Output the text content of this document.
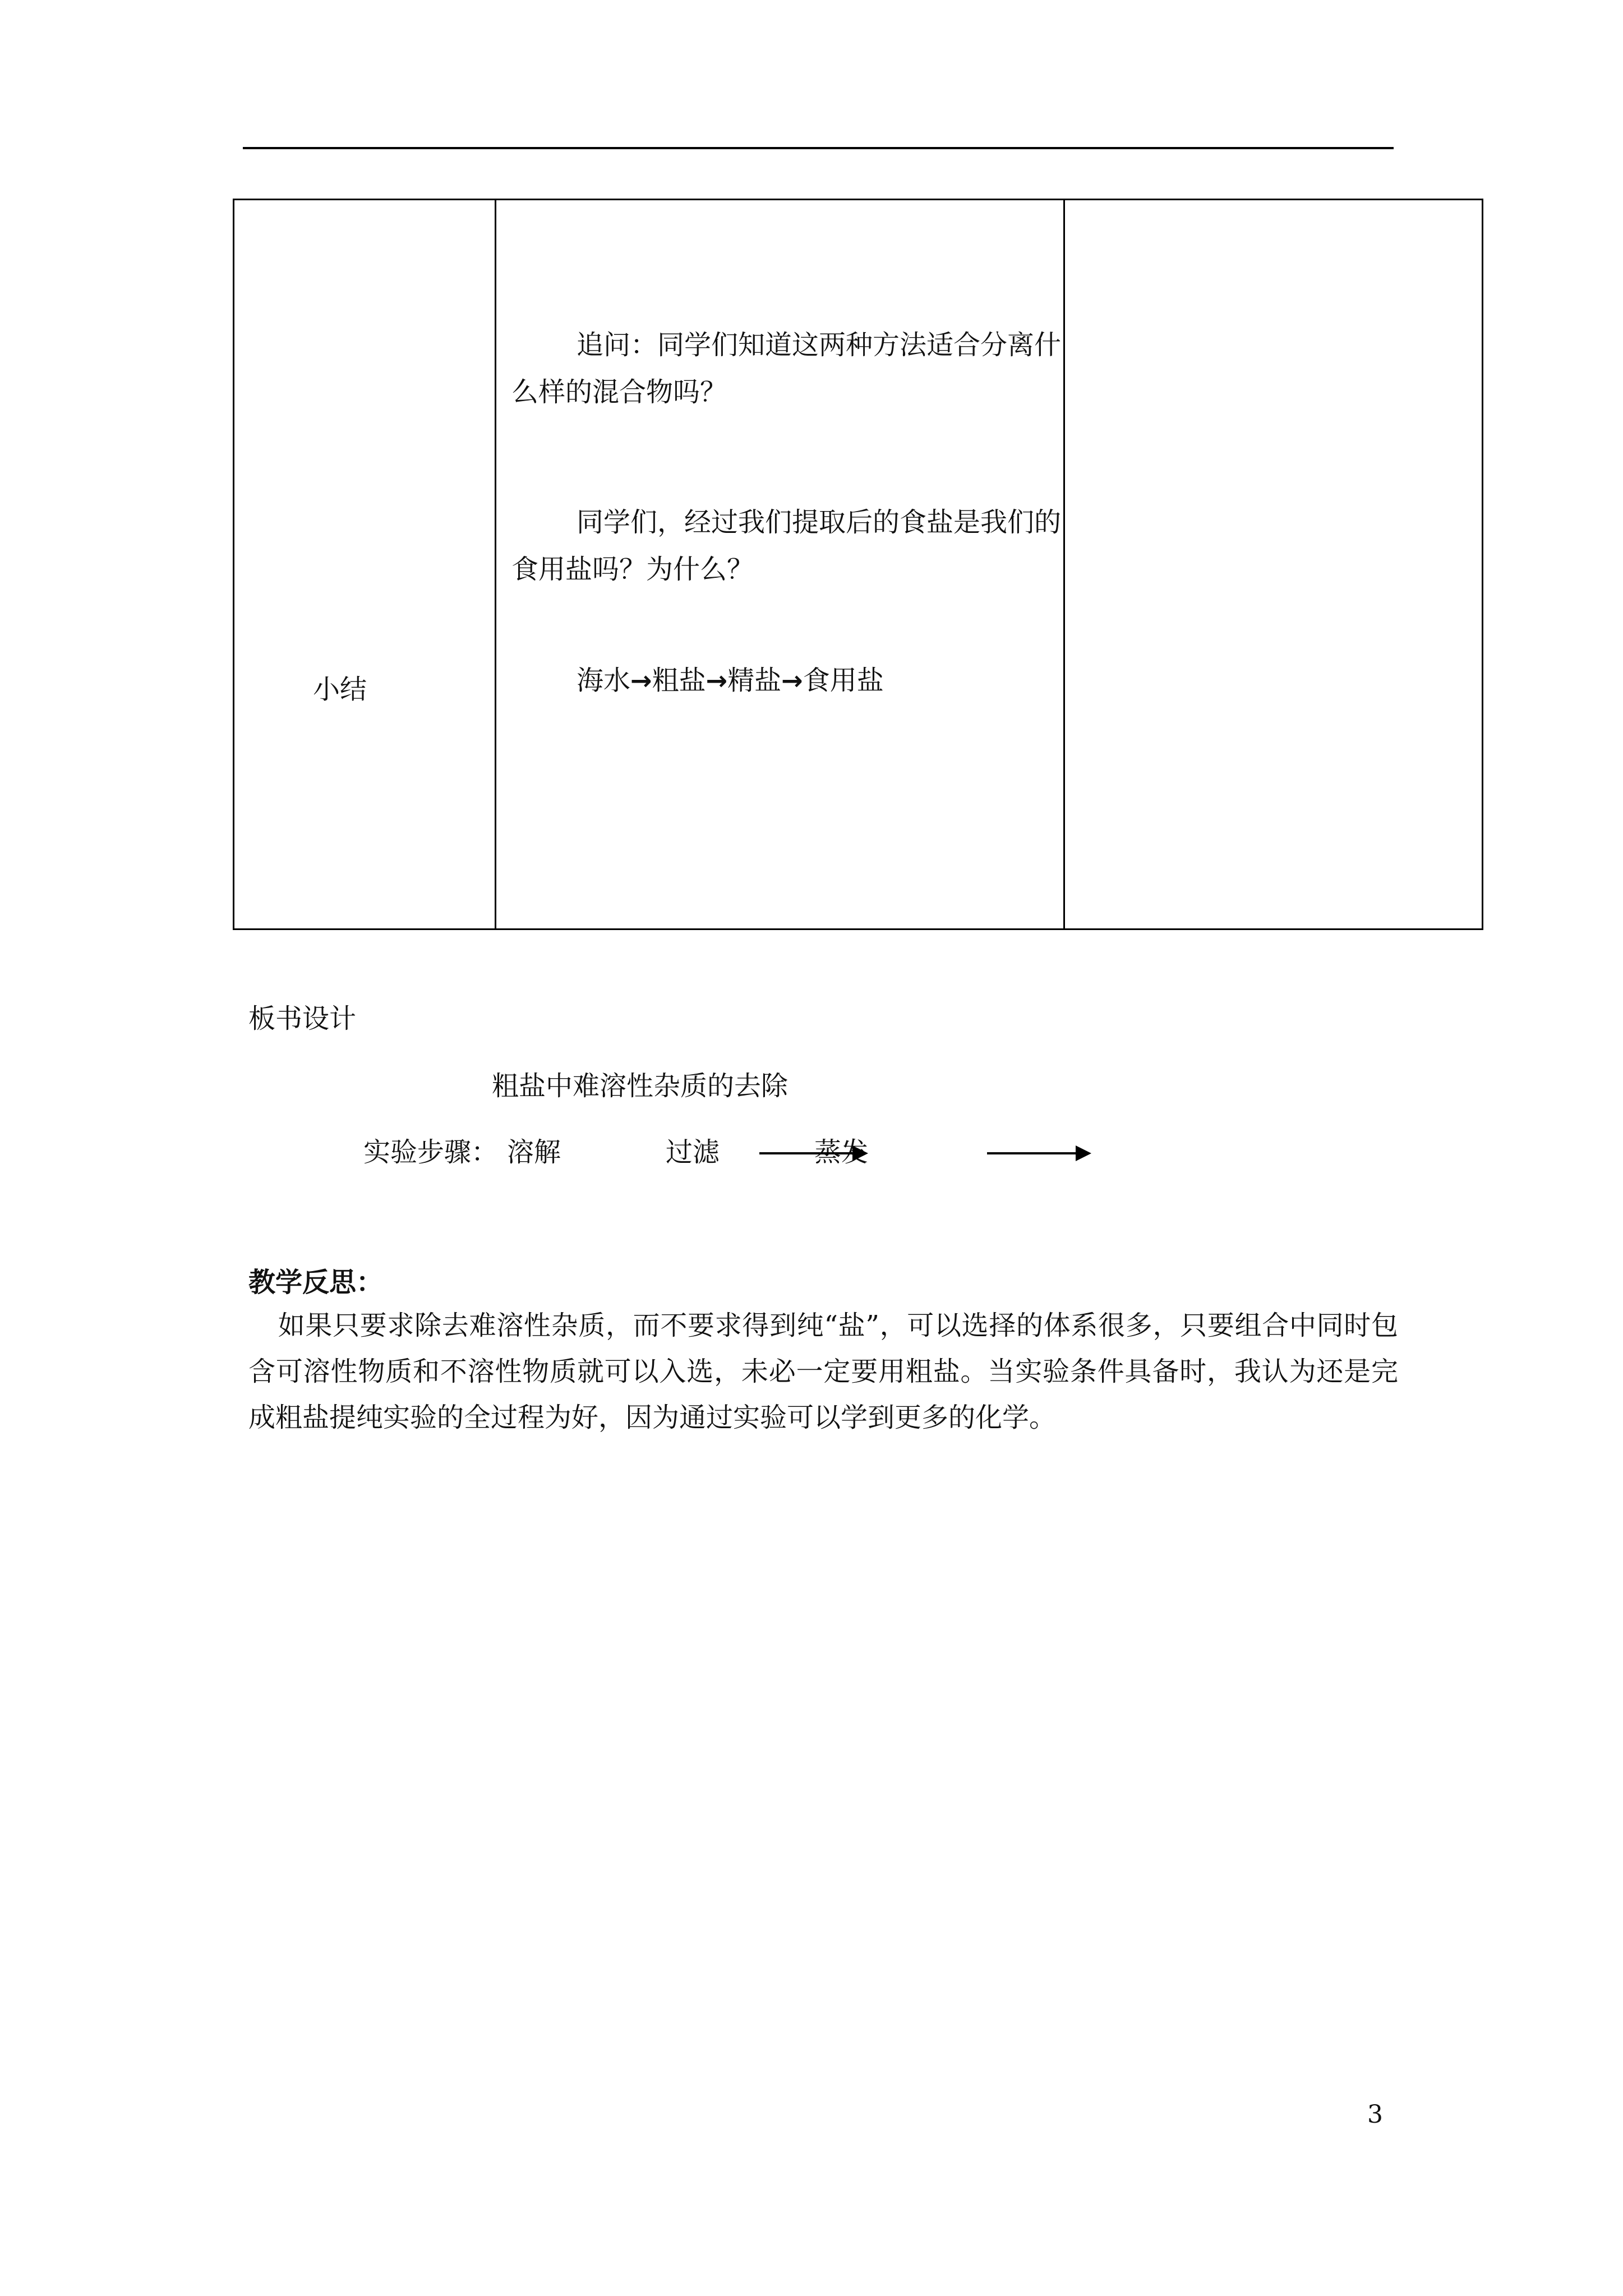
小结
追问：同学们知道这两种方法适合分离什么样的混合物吗？
同学们，经过我们提取后的食盐是我们的食用盐吗？为什么？
海水→粗盐→精盐→食用盐
板书设计
粗盐中难溶性杂质的去除
实验步骤： 溶解	过滤	蒸发
教学反思：
如果只要求除去难溶性杂质，而不要求得到纯“盐”，可以选择的体系很多，只要组合中同时包含可溶性物质和不溶性物质就可以入选，未必一定要用粗盐。当实验条件具备时，我认为还是完成粗盐提纯实验的全过程为好，因为通过实验可以学到更多的化学。
3
